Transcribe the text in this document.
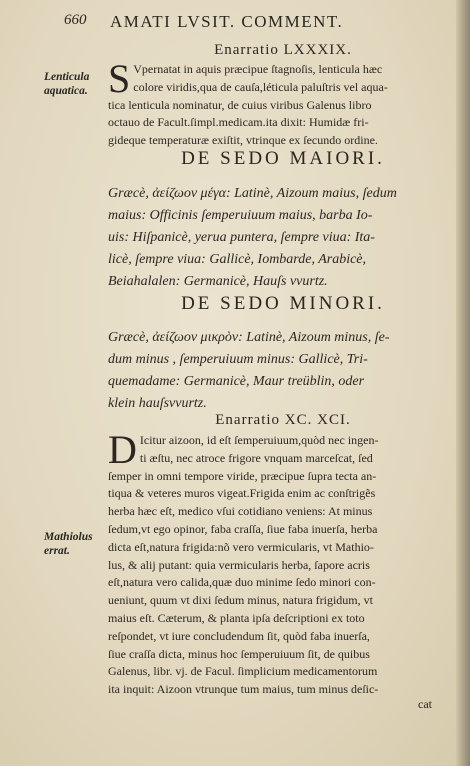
660 AMATI LVSIT. COMMENT.
Enarratio LXXXIX.
Lenticula
aquatica. S Vpernatat in aquis præcipue ſtagnoſis, lenticula hæc

colore viridis,qua de cauſa,léticula paluſtris vel aqua-

tica lenticula nominatur, de cuius viribus Galenus libro

octauo de Facult.ſimpl.medicam.ita dixit: Humidæ fri-

gideque temperaturæ exiſtit, vtrinque ex ſecundo ordine.

DE SEDO MAIORI.

Græcè, ἀείζωον μέγα: Latinè, Aizoum maius, ſedum

maius: Officinis ſemperuiuum maius, barba Io-

uis: Hiſpanicè, yerua puntera, ſempre viua: Ita-

licè, ſempre viua: Gallicè, Iombarde, Arabicè,

Beiahalalen: Germanicè, Hauſs vvurtz.

DE SEDO MINORI.

Græcè, ἀείζωον μικρὸν: Latinè, Aizoum minus, ſe-

dum minus , ſemperuiuum minus: Gallicè, Tri-

quemadame: Germanicè, Maur treüblin, oder

klein hauſsvvurtz.

Enarratio XC. XCI.
Mathiolus
errat.
D Icitur aizoon, id eſt ſemperuiuum,quòd nec ingen-

ti æſtu, nec atroce frigore vnquam marceſcat, ſed

ſemper in omni tempore viride, præcipue ſupra tecta an-

tiqua & veteres muros vigeat.Frigida enim ac conſtrigẽs

herba hæc eſt, medico vſui cotidiano veniens: At minus

ſedum,vt ego opinor, faba craſſa, ſiue faba inuerſa, herba

dicta eſt,natura frigida:nõ vero vermicularis, vt Mathio-

lus, & alij putant: quia vermicularis herba, ſapore acris

eſt,natura vero calida,quæ duo minime ſedo minori con-

ueniunt, quum vt dixi ſedum minus, natura frigidum, vt

maius eſt. Cæterum, & planta ipſa deſcriptioni ex toto

reſpondet, vt iure concludendum ſit, quòd faba inuerſa,

ſiue craſſa dicta, minus hoc ſemperuiuum ſit, de quibus

Galenus, libr. vj. de Facul. ſimplicium medicamentorum

ita inquit: Aizoon vtrunque tum maius, tum minus deſic-

cat
